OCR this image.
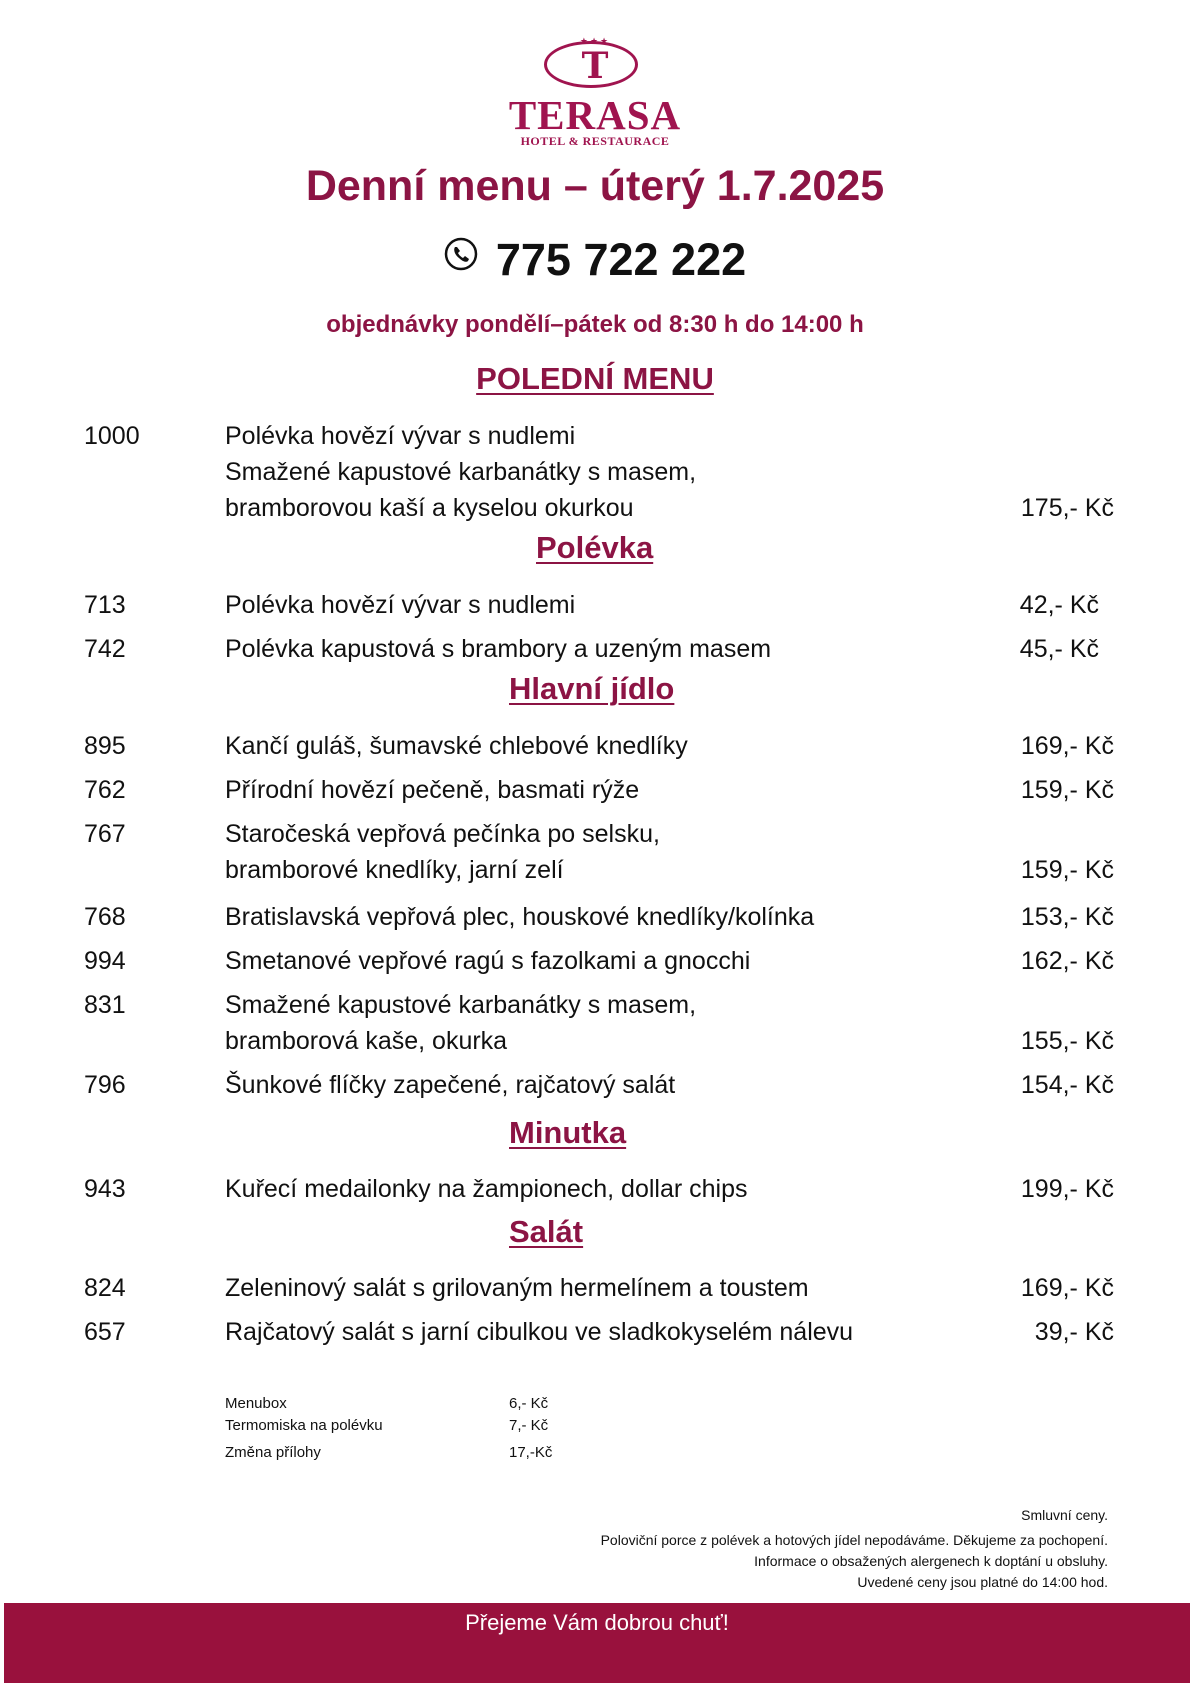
★★★
T
TERASA
HOTEL & RESTAURACE
Denní menu – úterý 1.7.2025
775 722 222
objednávky pondělí–pátek od 8:30 h do 14:00 h
POLEDNÍ MENU
Polévka
Hlavní jídlo
Minutka
Salát
1000	Polévka hovězí vývar s nudlemi
Smažené kapustové karbanátky s masem,
bramborovou kaší a kyselou okurkou	175,- Kč
713	Polévka hovězí vývar s nudlemi	42,- Kč
742	Polévka kapustová s brambory a uzeným masem	45,- Kč
895	Kančí guláš, šumavské chlebové knedlíky	169,- Kč
762	Přírodní hovězí pečeně, basmati rýže	159,- Kč
767	Staročeská vepřová pečínka po selsku,
bramborové knedlíky, jarní zelí	159,- Kč
768	Bratislavská vepřová plec, houskové knedlíky/kolínka	153,- Kč
994	Smetanové vepřové ragú s fazolkami a gnocchi	162,- Kč
831	Smažené kapustové karbanátky s masem,
bramborová kaše, okurka	155,- Kč
796	Šunkové flíčky zapečené, rajčatový salát	154,- Kč
943	Kuřecí medailonky na žampionech, dollar chips	199,- Kč
824	Zeleninový salát s grilovaným hermelínem a toustem	169,- Kč
657	Rajčatový salát s jarní cibulkou ve sladkokyselém nálevu	39,- Kč
Menubox	6,- Kč
Termomiska na polévku	7,- Kč
Změna přílohy	17,-Kč
Smluvní ceny.
Poloviční porce z polévek a hotových jídel nepodáváme. Děkujeme za pochopení.
Informace o obsažených alergenech k doptání u obsluhy.
Uvedené ceny jsou platné do 14:00 hod.
Přejeme Vám dobrou chuť!
